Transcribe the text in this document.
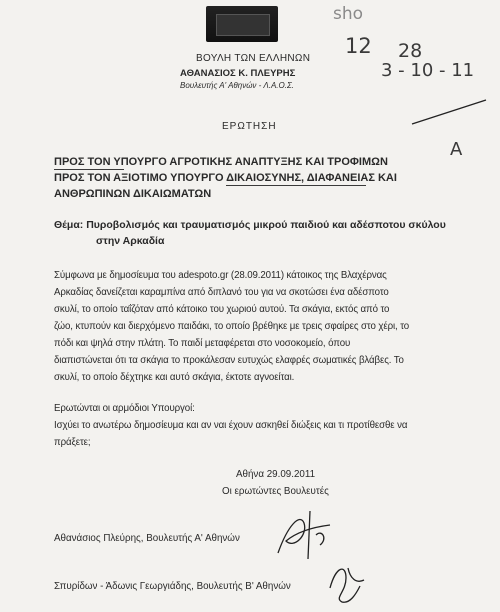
ΒΟΥΛΗ ΤΩΝ ΕΛΛΗΝΩΝ
ΑΘΑΝΑΣΙΟΣ Κ. ΠΛΕΥΡΗΣ
Βουλευτής Α' Αθηνών - Λ.Α.Ο.Σ.
sho
12 28
3 - 10 - 11
A
ΕΡΩΤΗΣΗ
ΠΡΟΣ ΤΟΝ ΥΠΟΥΡΓΟ ΑΓΡΟΤΙΚΗΣ ΑΝΑΠΤΥΞΗΣ ΚΑΙ ΤΡΟΦΙΜΩΝ
ΠΡΟΣ ΤΟΝ ΑΞΙΟΤΙΜΟ ΥΠΟΥΡΓΟ ΔΙΚΑΙΟΣΥΝΗΣ, ΔΙΑΦΑΝΕΙΑΣ ΚΑΙ
ΑΝΘΡΩΠΙΝΩΝ ΔΙΚΑΙΩΜΑΤΩΝ
Θέμα: Πυροβολισμός και τραυματισμός μικρού παιδιού και αδέσποτου σκύλου
στην Αρκαδία
Σύμφωνα με δημοσίευμα του adespoto.gr (28.09.2011) κάτοικος της Βλαχέρνας
Αρκαδίας δανείζεται καραμπίνα από διπλανό του για να σκοτώσει ένα αδέσποτο
σκυλί, το οποίο ταΐζόταν από κάτοικο του χωριού αυτού. Τα σκάγια, εκτός από το
ζώο, κτυπούν και διερχόμενο παιδάκι, το οποίο βρέθηκε με τρεις σφαίρες στο χέρι, το
πόδι και ψηλά στην πλάτη. Το παιδί μεταφέρεται στο νοσοκομείο, όπου
διαπιστώνεται ότι τα σκάγια το προκάλεσαν ευτυχώς ελαφρές σωματικές βλάβες. Το
σκυλί, το οποίο δέχτηκε και αυτό σκάγια, έκτοτε αγνοείται.
Ερωτώνται οι αρμόδιοι Υπουργοί:
Ισχύει το ανωτέρω δημοσίευμα και αν ναι έχουν ασκηθεί διώξεις και τι προτίθεσθε να
πράξετε;
Αθήνα 29.09.2011
Οι ερωτώντες Βουλευτές
Αθανάσιος Πλεύρης, Βουλευτής Α' Αθηνών
Σπυρίδων - Άδωνις Γεωργιάδης, Βουλευτής Β' Αθηνών
